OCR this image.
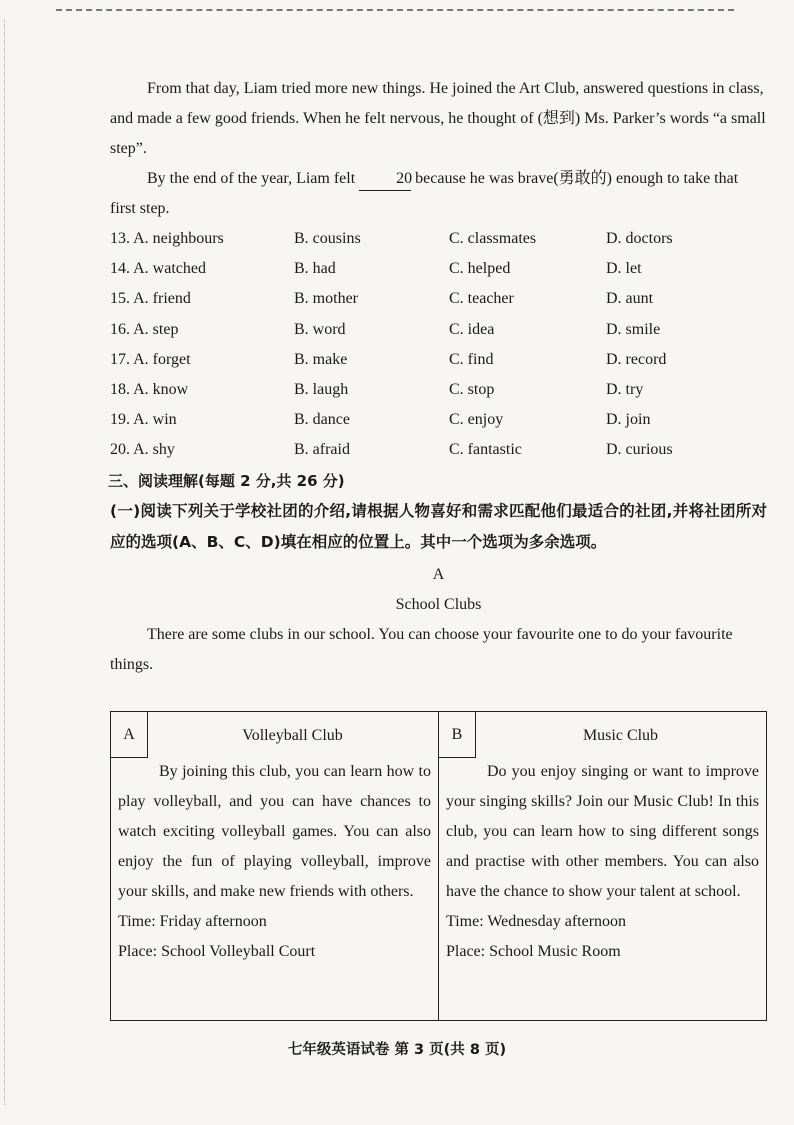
From that day, Liam tried more new things. He joined the Art Club, answered questions in class, and made a few good friends. When he felt nervous, he thought of (想到) Ms. Parker’s words “a small step”.

By the end of the year, Liam felt	20 because he was brave(勇敢的) enough to take that first step.

13. A. neighbours	B. cousins	C. classmates	D. doctors
14. A. watched	B. had	C. helped	D. let
15. A. friend	B. mother	C. teacher	D. aunt
16. A. step	B. word	C. idea	D. smile
17. A. forget	B. make	C. find	D. record
18. A. know	B. laugh	C. stop	D. try
19. A. win	B. dance	C. enjoy	D. join
20. A. shy	B. afraid	C. fantastic	D. curious
三、阅读理解(每题 2 分,共 26 分)
(一)阅读下列关于学校社团的介绍,请根据人物喜好和需求匹配他们最适合的社团,并将社团所对应的选项(A、B、C、D)填在相应的位置上。其中一个选项为多余选项。
A
School Clubs

There are some clubs in our school. You can choose your favourite one to do your favourite things.

A	Volleyball Club
By joining this club, you can learn how to play volleyball, and you can have chances to watch exciting volleyball games. You can also enjoy the fun of playing volleyball, improve your skills, and make new friends with others.
Time: Friday afternoon
Place: School Volleyball Court
B	Music Club
Do you enjoy singing or want to improve your singing skills? Join our Music Club! In this club, you can learn how to sing different songs and practise with other members. You can also have the chance to show your talent at school.
Time: Wednesday afternoon
Place: School Music Room
七年级英语试卷 第 3 页(共 8 页)
